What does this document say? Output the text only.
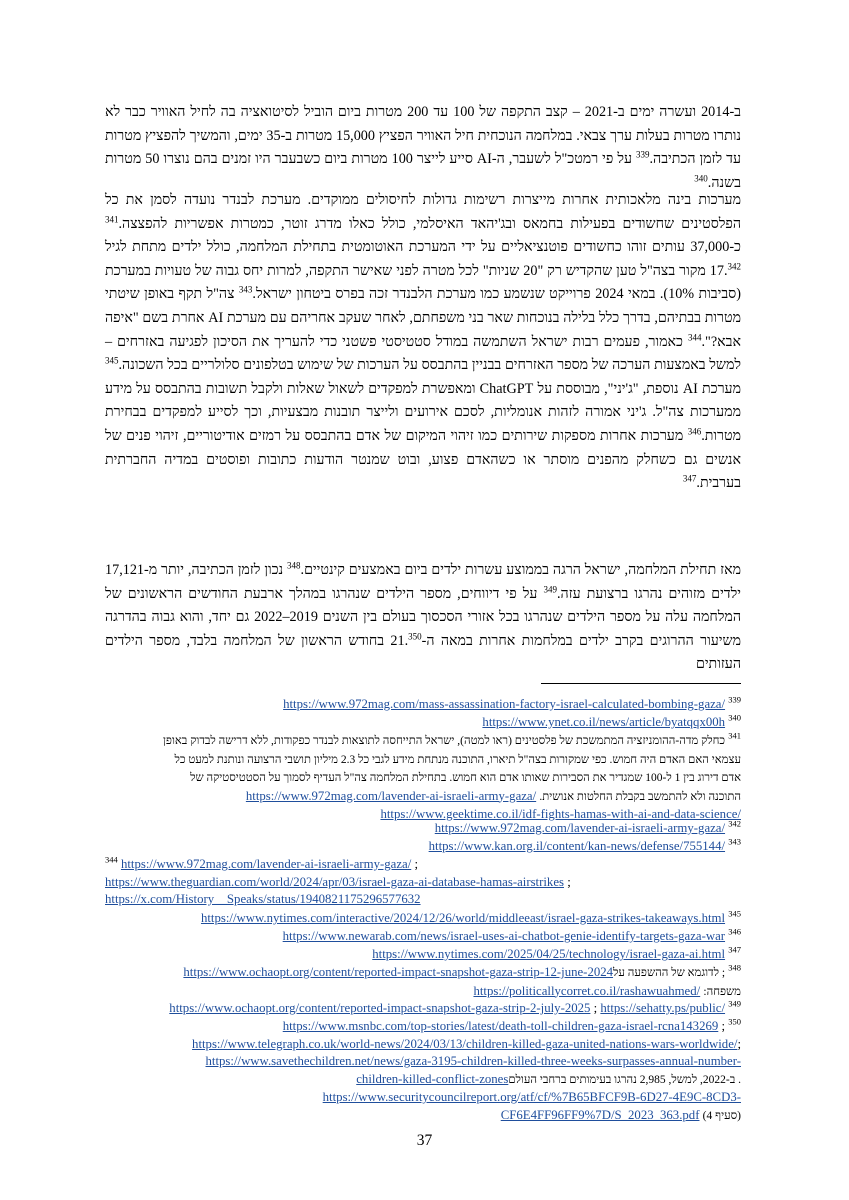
ב-2014 ועשרה ימים ב-2021 – קצב התקפה של 100 עד 200 מטרות ביום הוביל לסיטואציה בה לחיל האוויר כבר לא נותרו מטרות בעלות ערך צבאי. במלחמה הנוכחית חיל האוויר הפציץ 15,000 מטרות ב-35 ימים, והמשיך להפציץ מטרות עד לזמן הכתיבה.$^{339}$ על פי רמטכ"ל לשעבר, ה-AI סייע לייצר 100 מטרות ביום כשבעבר היו זמנים בהם נוצרו 50 מטרות בשנה.$^{340}$

מערכות בינה מלאכותית אחרות מייצרות רשימות גדולות לחיסולים ממוקדים. מערכת לבנדר נועדה לסמן את כל הפלסטינים שחשודים בפעילות בחמאס ובג'יהאד האיסלמי, כולל כאלו מדרג זוטר, כמטרות אפשריות להפצצה.$^{341}$ כ-37,000 עותים זוהו כחשודים פוטנציאליים על ידי המערכת האוטומטית בתחילת המלחמה, כולל ילדים מתחת לגיל 17.$^{342}$ מקור בצה"ל טען שהקדיש רק "20 שניות" לכל מטרה לפני שאישר התקפה, למרות יחס גבוה של טעויות במערכת (סביבות 10%). במאי 2024 פרוייקט שנשמע כמו מערכת הלבנדר זכה בפרס ביטחון ישראל.$^{343}$ צה"ל תקף באופן שיטתי מטרות בבתיהם, בדרך כלל בלילה בנוכחות שאר בני משפחתם, לאחר שעקב אחריהם עם מערכת AI אחרת בשם "איפה אבא?".$^{344}$ כאמור, פעמים רבות ישראל השתמשה במודל סטטיסטי פשטני כדי להעריך את הסיכון לפגיעה באזרחים – למשל באמצעות הערכה של מספר האזרחים בבניין בהתבסס על הערכות של שימוש בטלפונים סלולריים בכל השכונה.$^{345}$ מערכת AI נוספת, "ג'יני", מבוססת על ChatGPT ומאפשרת למפקדים לשאול שאלות ולקבל תשובות בהתבסס על מידע ממערכות צה"ל. ג'יני אמורה לזהות אנומליות, לסכם אירועים ולייצר תובנות מבצעיות, וכך לסייע למפקדים בבחירת מטרות.$^{346}$ מערכות אחרות מספקות שירותים כמו זיהוי המיקום של אדם בהתבסס על רמזים אודיטוריים, זיהוי פנים של אנשים גם כשחלק מהפנים מוסתר או כשהאדם פצוע, ובוט שמנטר הודעות כתובות ופוסטים במדיה החברתית בערבית.$^{347}$

מאז תחילת המלחמה, ישראל הרגה בממוצע עשרות ילדים ביום באמצעים קינטיים.$^{348}$ נכון לזמן הכתיבה, יותר מ-17,121 ילדים מזוהים נהרגו ברצועת עזה.$^{349}$ על פי דיווחים, מספר הילדים שנהרגו במהלך ארבעת החודשים הראשונים של המלחמה עלה על מספר הילדים שנהרגו בכל אזורי הסכסוך בעולם בין השנים 2019–2022 גם יחד, והוא גבוה בהדרגה משיעור ההרוגים בקרב ילדים במלחמות אחרות במאה ה-21.$^{350}$ בחודש הראשון של המלחמה בלבד, מספר הילדים העזותים

$^{339}$ https://www.972mag.com/mass-assassination-factory-israel-calculated-bombing-gaza/
$^{340}$ https://www.ynet.co.il/news/article/byatqqx00h
$^{341}$ כחלק מדה-ההומניזציה המתמשכת של פלסטינים (ראו למטה), ישראל התייחסה לתוצאות לבנדר כפקודות, ללא דרישה לבדוק באופן
עצמאי האם האדם היה חמוש. כפי שמקורות בצה"ל תיארו, התוכנה מנתחת מידע לגבי כל 2.3 מיליון תושבי הרצועה ונותנת למעט כל
אדם דירוג בין 1 ל-100 שמגדיר את הסבירות שאותו אדם הוא חמוש. בתחילת המלחמה צה"ל העדיף לסמוך על הסטטיסטיקה של
התוכנה ולא להתמשב בקבלת החלטות אנושית. https://www.972mag.com/lavender-ai-israeli-army-gaza/
https://www.geektime.co.il/idf-fights-hamas-with-ai-and-data-science/
$^{342}$ https://www.972mag.com/lavender-ai-israeli-army-gaza/
$^{343}$ https://www.kan.org.il/content/kan-news/defense/755144/
$^{344}$ https://www.972mag.com/lavender-ai-israeli-army-gaza/ ;
https://www.theguardian.com/world/2024/apr/03/israel-gaza-ai-database-hamas-airstrikes ;
https://x.com/History__Speaks/status/1940821175296577632
$^{345}$ https://www.nytimes.com/interactive/2024/12/26/world/middleeast/israel-gaza-strikes-takeaways.html
$^{346}$ https://www.newarab.com/news/israel-uses-ai-chatbot-genie-identify-targets-gaza-war
$^{347}$ https://www.nytimes.com/2025/04/25/technology/israel-gaza-ai.html
$^{348}$ ; לדוגמא של ההשפעה עלhttps://www.ochaopt.org/content/reported-impact-snapshot-gaza-strip-12-june-2024
משפחה: https://politicallycorret.co.il/rashawuahmed/
$^{349}$ https://sehatty.ps/public/ ; https://www.ochaopt.org/content/reported-impact-snapshot-gaza-strip-2-july-2025
$^{350}$ ; https://www.msnbc.com/top-stories/latest/death-toll-children-gaza-israel-rcna143269
;https://www.telegraph.co.uk/world-news/2024/03/13/children-killed-gaza-united-nations-wars-worldwide/
https://www.savethechildren.net/news/gaza-3195-children-killed-three-weeks-surpasses-annual-number-
. ב-2022, למשל, 2,985 נהרגו בעימותים ברחבי העולםchildren-killed-conflict-zones
https://www.securitycouncilreport.org/atf/cf/%7B65BFCF9B-6D27-4E9C-8CD3-
(סעיף 4) CF6E4FF96FF9%7D/S_2023_363.pdf
37
